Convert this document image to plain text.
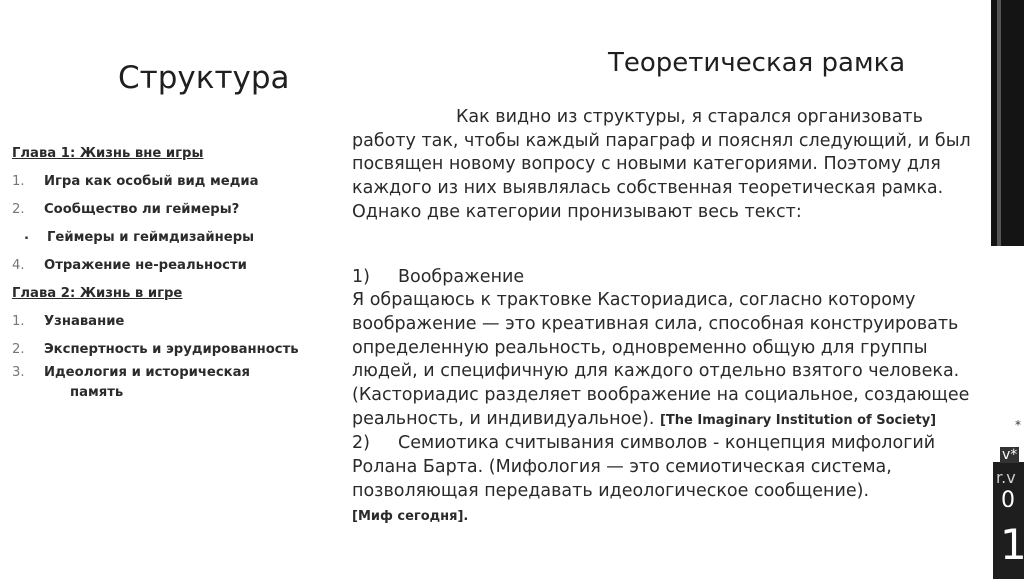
Структура	Теоретическая рамка
Глава 1: Жизнь вне игры
1. Игра как особый вид медиа
2. Сообщество ли геймеры?
. Геймеры и геймдизайнеры
4. Отражение не-реальности
Глава 2: Жизнь в игре
1. Узнавание
2. Экспертность и эрудированность
3. Идеология и историческая
память

Как видно из структуры, я старался организовать работу так, чтобы каждый параграф и пояснял следующий, и был посвящен новому вопросу с новыми категориями. Поэтому для каждого из них выявлялась собственная теоретическая рамка. Однако две категории пронизывают весь текст:

1) Воображение

Я обращаюсь к трактовке Касториадиса, согласно которому воображение — это креативная сила, способная конструировать определенную реальность, одновременно общую для группы людей, и специфичную для каждого отдельно взятого человека. (Касториадис разделяет воображение на социальное, создающее реальность, и индивидуальное). [The Imaginary Institution of Society]

2) Семиотика считывания символов - концепция мифологий Ролана Барта. (Мифология — это семиотическая система, позволяющая передавать идеологическое сообщение).

[Миф сегодня].

*
v*
r.v
0
1
